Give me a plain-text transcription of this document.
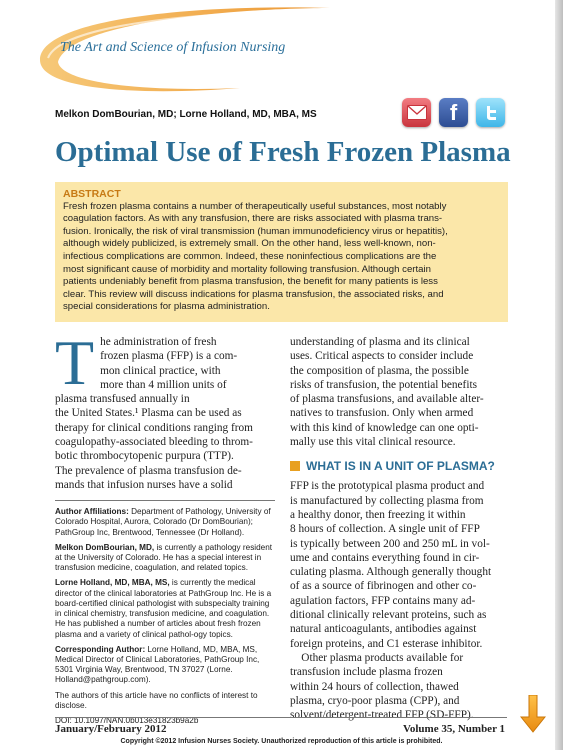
The Art and Science of Infusion Nursing
Melkon DomBourian, MD; Lorne Holland, MD, MBA, MS	f
Optimal Use of Fresh Frozen Plasma
ABSTRACT
Fresh frozen plasma contains a number of therapeutically useful substances, most notably
coagulation factors. As with any transfusion, there are risks associated with plasma trans-
fusion. Ironically, the risk of viral transmission (human immunodeficiency virus or hepatitis),
although widely publicized, is extremely small. On the other hand, less well-known, non-
infectious complications are common. Indeed, these noninfectious complications are the
most significant cause of morbidity and mortality following transfusion. Although certain
patients undeniably benefit from plasma transfusion, the benefit for many patients is less
clear. This review will discuss indications for plasma transfusion, the associated risks, and
special considerations for plasma administration.
T he administration of fresh
frozen plasma (FFP) is a com-
mon clinical practice, with
more than 4 million units of
plasma transfused annually in
the United States.¹ Plasma can be used as
therapy for clinical conditions ranging from
coagulopathy-associated bleeding to throm-
botic thrombocytopenic purpura (TTP).
The prevalence of plasma transfusion de-
mands that infusion nurses have a solid

Author Affiliations: Department of Pathology, University of Colorado Hospital, Aurora, Colorado (Dr DomBourian); PathGroup Inc, Brentwood, Tennessee (Dr Holland).

Melkon DomBourian, MD, is currently a pathology resident at the University of Colorado. He has a special interest in transfusion medicine, coagulation, and related topics.

Lorne Holland, MD, MBA, MS, is currently the medical director of the clinical laboratories at PathGroup Inc. He is a board-certified clinical pathologist with subspecialty training in clinical chemistry, transfusion medicine, and coagulation. He has published a number of articles about fresh frozen plasma and a variety of clinical pathol-ogy topics.

Corresponding Author: Lorne Holland, MD, MBA, MS, Medical Director of Clinical Laboratories, PathGroup Inc, 5301 Virginia Way, Brentwood, TN 37027 (Lorne. Holland@pathgroup.com).

The authors of this article have no conflicts of interest to disclose.

DOI: 10.1097/NAN.0b013e31823b9a2b

understanding of plasma and its clinical
uses. Critical aspects to consider include
the composition of plasma, the possible
risks of transfusion, the potential benefits
of plasma transfusions, and available alter-
natives to transfusion. Only when armed
with this kind of knowledge can one opti-
mally use this vital clinical resource.
WHAT IS IN A UNIT OF PLASMA?
FFP is the prototypical plasma product and
is manufactured by collecting plasma from
a healthy donor, then freezing it within
8 hours of collection. A single unit of FFP
is typically between 200 and 250 mL in vol-
ume and contains everything found in cir-
culating plasma. Although generally thought
of as a source of fibrinogen and other co-
agulation factors, FFP contains many ad-
ditional clinically relevant proteins, such as
natural anticoagulants, antibodies against
foreign proteins, and C1 esterase inhibitor.
Other plasma products available for
transfusion include plasma frozen
within 24 hours of collection, thawed
plasma, cryo-poor plasma (CPP), and
solvent/detergent-treated FFP (SD-FFP).
January/February 2012	Volume 35, Number 1
Copyright ©2012 Infusion Nurses Society. Unauthorized reproduction of this article is prohibited.
